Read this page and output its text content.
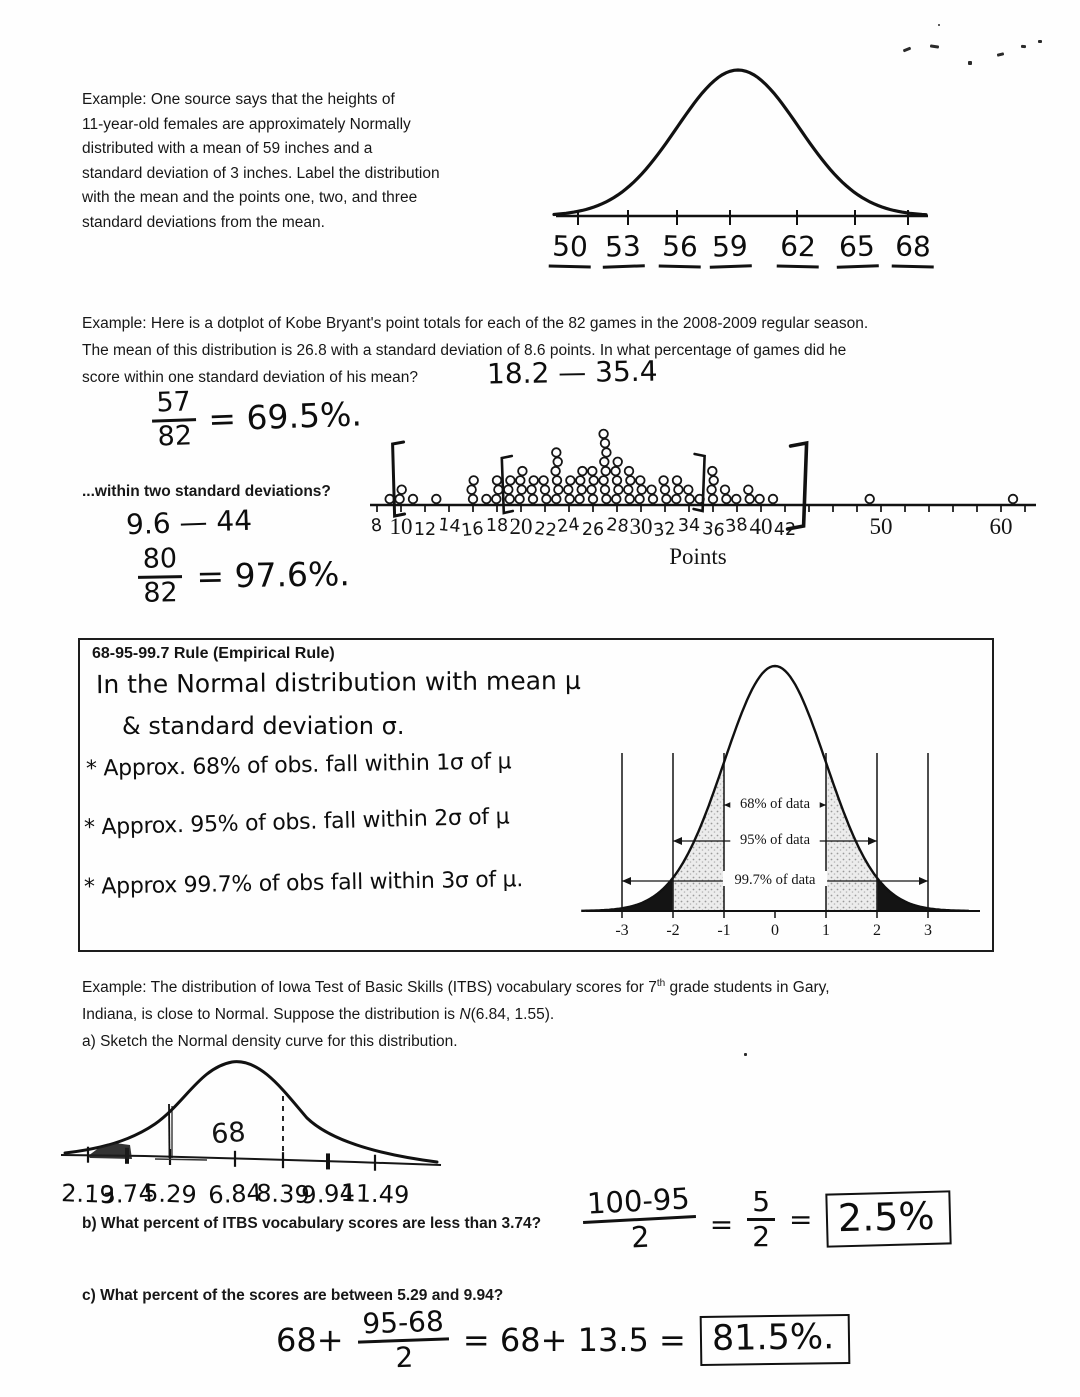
Example: One source says that the heights of
11-year-old females are approximately Normally
distributed with a mean of 59 inches and a
standard deviation of 3 inches. Label the distribution
with the mean and the points one, two, and three
standard deviations from the mean.
50 53 56 59 62 65 68
Example: Here is a dotplot of Kobe Bryant's point totals for each of the 82 games in the 2008-2009 regular season.
The mean of this distribution is 26.8 with a standard deviation of 8.6 points. In what percentage of games did he
score within one standard deviation of his mean?	18.2 — 35.4
$\frac{57}{82} = 69.5\%$.
...within two standard deviations?
9.6 — 44
$\frac{80}{82} = 97.6\%$.
10	20	30	40	50	60
8 12 14
16 18 22
24 26 28 32 34 36
38 42
Points
68-95-99.7 Rule (Empirical Rule)
In the Normal distribution with mean μ
& standard deviation σ.
* Approx. 68% of obs. fall within 1σ of μ
* Approx. 95% of obs. fall within 2σ of μ
* Approx 99.7% of obs fall within 3σ of μ.
68% of data
95% of data
99.7% of data
-3 -2 -1	0	1	2	3
Example: The distribution of Iowa Test of Basic Skills (ITBS) vocabulary scores for 7th grade students in Gary,
Indiana, is close to Normal. Suppose the distribution is N(6.84, 1.55).
a) Sketch the Normal density curve for this distribution.
68
2.19
3.74
5.29 6.84
8.39
9.94
11.49
b) What percent of ITBS vocabulary scores are less than 3.74? $\frac{100-95}{2} = \frac{5}{2} = 2.5\%$
c) What percent of the scores are between 5.29 and 9.94?
$68+ \frac{95-68}{2} = 68+ 13.5 = 81.5\%$.
